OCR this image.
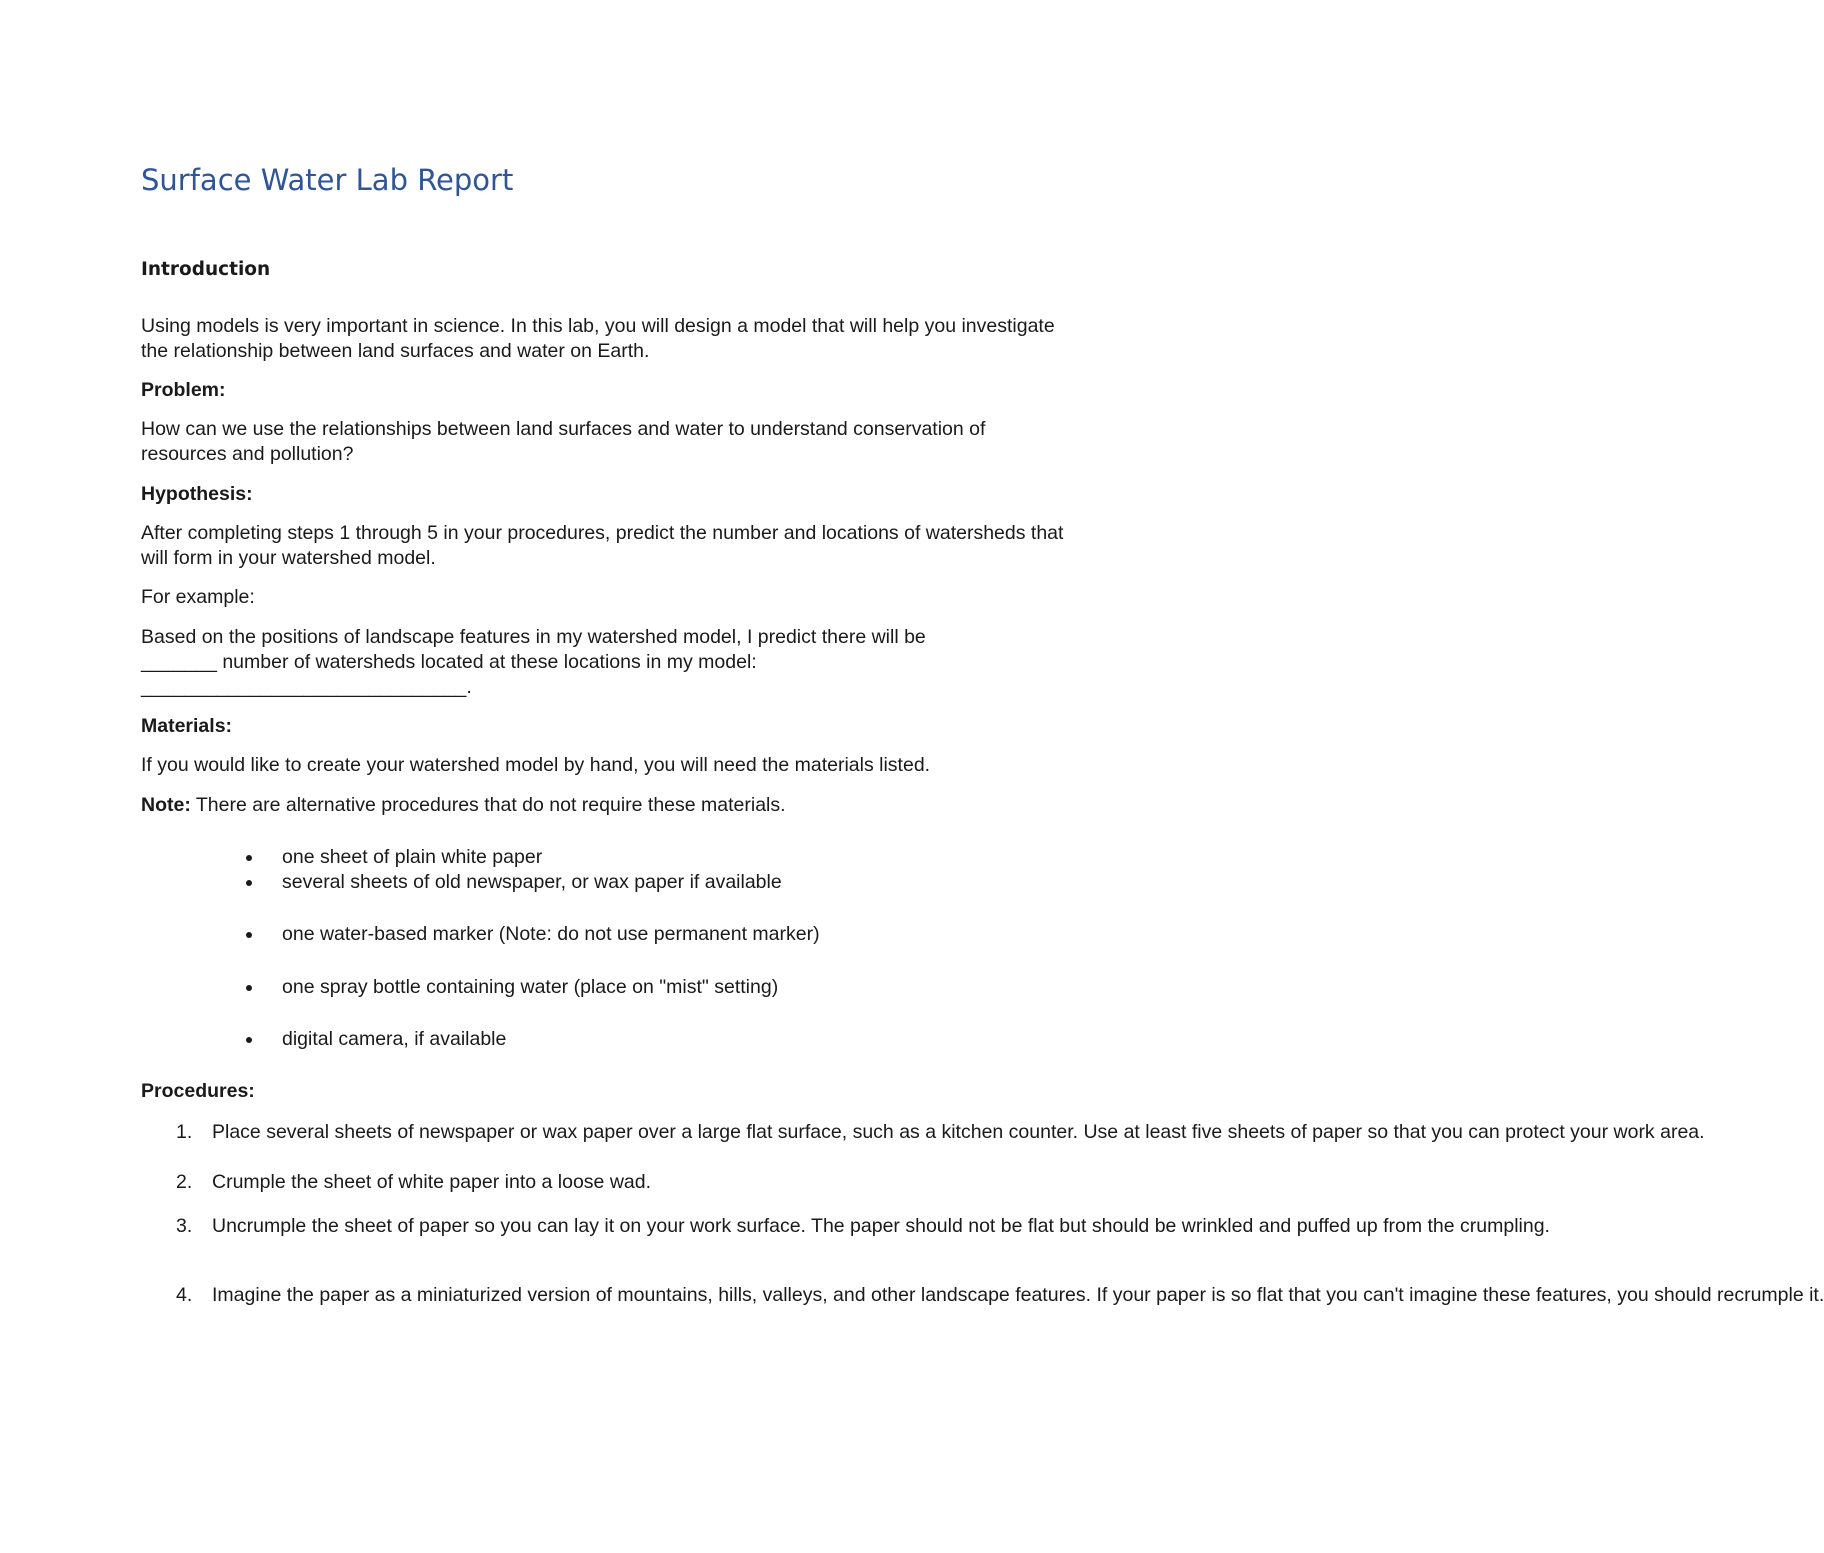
Surface Water Lab Report

Introduction

Using models is very important in science. In this lab, you will design a model that will help you investigate the relationship between land surfaces and water on Earth.

Problem:

How can we use the relationships between land surfaces and water to understand conservation of resources and pollution?

Hypothesis:

After completing steps 1 through 5 in your procedures, predict the number and locations of watersheds that will form in your watershed model.

For example:

Based on the positions of landscape features in my watershed model, I predict there will be

_______ number of watersheds located at these locations in my model:

______________________________.

Materials:

If you would like to create your watershed model by hand, you will need the materials listed.

Note: There are alternative procedures that do not require these materials.

one sheet of plain white paper
several sheets of old newspaper, or wax paper if available
one water-based marker (Note: do not use permanent marker)
one spray bottle containing water (place on "mist" setting)
digital camera, if available

Procedures:

1.	Place several sheets of newspaper or wax paper over a large flat surface, such as a kitchen counter. Use at least five sheets of paper so that you can protect your work area.
2.	Crumple the sheet of white paper into a loose wad.
3.	Uncrumple the sheet of paper so you can lay it on your work surface. The paper should not be flat but should be wrinkled and puffed up from the crumpling.
4.	Imagine the paper as a miniaturized version of mountains, hills, valleys, and other landscape features. If your paper is so flat that you can't imagine these features, you should recrumple it.
